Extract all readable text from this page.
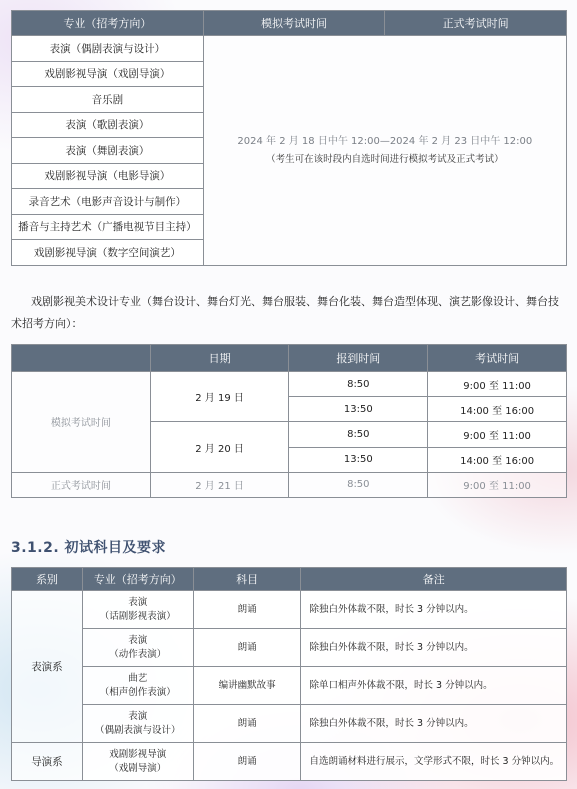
专业（招考方向）	模拟考试时间	正式考试时间
表演（偶剧表演与设计）	2024 年 2 月 18 日中午 12:00—2024 年 2 月 23 日中午 12:00
（考生可在该时段内自选时间进行模拟考试及正式考试）	

戏剧影视导演（戏剧导演）		
音乐剧		
表演（歌剧表演）		
表演（舞剧表演）		
戏剧影视导演（电影导演）		
录音艺术（电影声音设计与制作）		
播音与主持艺术（广播电视节目主持）		
戏剧影视导演（数字空间演艺）		

戏剧影视美术设计专业（舞台设计、舞台灯光、舞台服装、舞台化装、舞台造型体现、演艺影像设计、舞台技术招考方向）：

	日期	报到时间	考试时间
模拟考试时间	2 月 19 日	8:50	9:00 至 11:00
		13:50	14:00 至 16:00
	2 月 20 日	8:50	9:00 至 11:00
		13:50	14:00 至 16:00
正式考试时间	2 月 21 日	8:50	9:00 至 11:00
3.1.2. 初试科目及要求
系别	专业（招考方向）	科目	备注
表演系	表演
（话剧影视表演）	朗诵	除独白外体裁不限，时长 3 分钟以内。

	表演
（动作表演）	朗诵	除独白外体裁不限，时长 3 分钟以内。

	曲艺
（相声创作表演）	编讲幽默故事	除单口相声外体裁不限，时长 3 分钟以内。

	表演
（偶剧表演与设计）	朗诵	除独白外体裁不限，时长 3 分钟以内。
导演系	戏剧影视导演
（戏剧导演）	朗诵	自选朗诵材料进行展示，文学形式不限，时长 3 分钟以内。
